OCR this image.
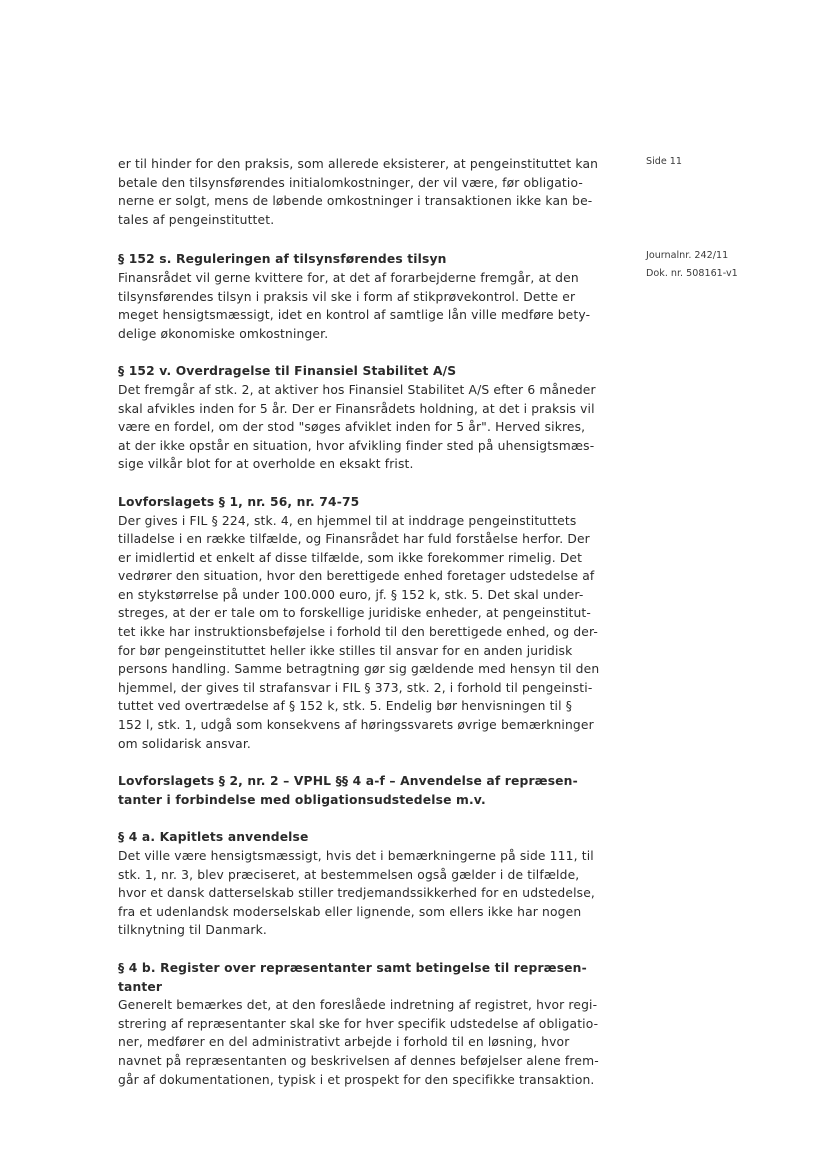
Side 11
Journalnr. 242/11
Dok. nr. 508161-v1
er til hinder for den praksis, som allerede eksisterer, at pengeinstituttet kan
betale den tilsynsførendes initialomkostninger, der vil være, før obligatio-
nerne er solgt, mens de løbende omkostninger i transaktionen ikke kan be-
tales af pengeinstituttet.

§ 152 s. Reguleringen af tilsynsførendes tilsyn

Finansrådet vil gerne kvittere for, at det af forarbejderne fremgår, at den
tilsynsførendes tilsyn i praksis vil ske i form af stikprøvekontrol. Dette er
meget hensigtsmæssigt, idet en kontrol af samtlige lån ville medføre bety-
delige økonomiske omkostninger.

§ 152 v. Overdragelse til Finansiel Stabilitet A/S

Det fremgår af stk. 2, at aktiver hos Finansiel Stabilitet A/S efter 6 måneder
skal afvikles inden for 5 år. Der er Finansrådets holdning, at det i praksis vil
være en fordel, om der stod "søges afviklet inden for 5 år". Herved sikres,
at der ikke opstår en situation, hvor afvikling finder sted på uhensigtsmæs-
sige vilkår blot for at overholde en eksakt frist.

Lovforslagets § 1, nr. 56, nr. 74-75

Der gives i FIL § 224, stk. 4, en hjemmel til at inddrage pengeinstituttets
tilladelse i en række tilfælde, og Finansrådet har fuld forståelse herfor. Der
er imidlertid et enkelt af disse tilfælde, som ikke forekommer rimelig. Det
vedrører den situation, hvor den berettigede enhed foretager udstedelse af
en stykstørrelse på under 100.000 euro, jf. § 152 k, stk. 5. Det skal under-
streges, at der er tale om to forskellige juridiske enheder, at pengeinstitut-
tet ikke har instruktionsbeføjelse i forhold til den berettigede enhed, og der-
for bør pengeinstituttet heller ikke stilles til ansvar for en anden juridisk
persons handling. Samme betragtning gør sig gældende med hensyn til den
hjemmel, der gives til strafansvar i FIL § 373, stk. 2, i forhold til pengeinsti-
tuttet ved overtrædelse af § 152 k, stk. 5. Endelig bør henvisningen til §
152 l, stk. 1, udgå som konsekvens af høringssvarets øvrige bemærkninger
om solidarisk ansvar.

Lovforslagets § 2, nr. 2 – VPHL §§ 4 a-f – Anvendelse af repræsen-
tanter i forbindelse med obligationsudstedelse m.v.

§ 4 a. Kapitlets anvendelse

Det ville være hensigtsmæssigt, hvis det i bemærkningerne på side 111, til
stk. 1, nr. 3, blev præciseret, at bestemmelsen også gælder i de tilfælde,
hvor et dansk datterselskab stiller tredjemandssikkerhed for en udstedelse,
fra et udenlandsk moderselskab eller lignende, som ellers ikke har nogen
tilknytning til Danmark.

§ 4 b. Register over repræsentanter samt betingelse til repræsen-
tanter

Generelt bemærkes det, at den foreslåede indretning af registret, hvor regi-
strering af repræsentanter skal ske for hver specifik udstedelse af obligatio-
ner, medfører en del administrativt arbejde i forhold til en løsning, hvor
navnet på repræsentanten og beskrivelsen af dennes beføjelser alene frem-
går af dokumentationen, typisk i et prospekt for den specifikke transaktion.
